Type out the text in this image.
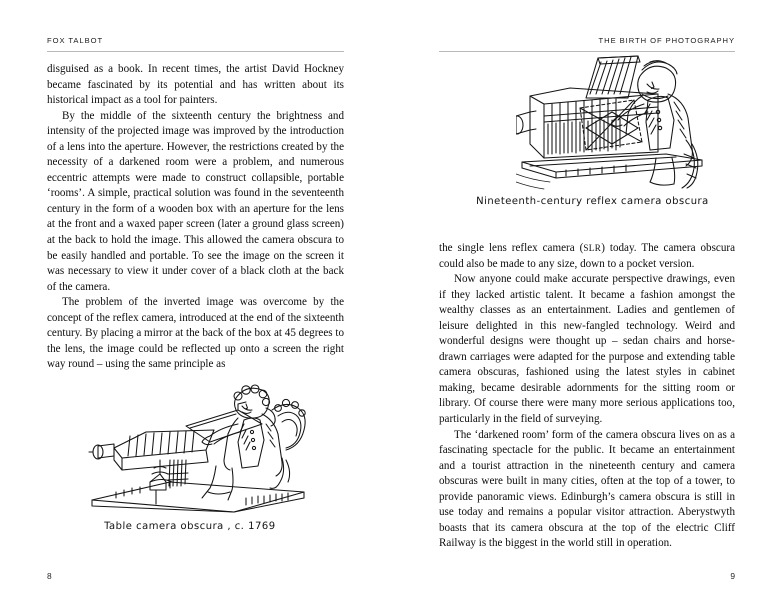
FOX TALBOT

disguised as a book. In recent times, the artist David Hockney became fascinated by its potential and has written about its historical impact as a tool for painters.

By the middle of the sixteenth century the brightness and intensity of the projected image was improved by the introduction of a lens into the aperture. However, the restrictions created by the necessity of a darkened room were a problem, and numerous eccentric attempts were made to construct collapsible, portable ‘rooms’. A simple, practical solution was found in the seventeenth century in the form of a wooden box with an aperture for the lens at the front and a waxed paper screen (later a ground glass screen) at the back to hold the image. This allowed the camera obscura to be easily handled and portable. To see the image on the screen it was necessary to view it under cover of a black cloth at the back of the camera.

The problem of the inverted image was overcome by the concept of the reflex camera, introduced at the end of the sixteenth century. By placing a mirror at the back of the box at 45 degrees to the lens, the image could be reflected up onto a screen the right way round – using the same principle as

Table camera obscura , c. 1769
8
THE BIRTH OF PHOTOGRAPHY
Nineteenth-century reflex camera obscura

the single lens reflex camera (SLR) today. The camera obscura could also be made to any size, down to a pocket version.

Now anyone could make accurate perspective drawings, even if they lacked artistic talent. It became a fashion amongst the wealthy classes as an entertainment. Ladies and gentlemen of leisure delighted in this new-fangled technology. Weird and wonderful designs were thought up – sedan chairs and horse-drawn carriages were adapted for the purpose and extending table camera obscuras, fashioned using the latest styles in cabinet making, became desirable adornments for the sitting room or library. Of course there were many more serious applications too, particularly in the field of surveying.

The ‘darkened room’ form of the camera obscura lives on as a fascinating spectacle for the public. It became an entertainment and a tourist attraction in the nineteenth century and camera obscuras were built in many cities, often at the top of a tower, to provide panoramic views. Edinburgh’s camera obscura is still in use today and remains a popular visitor attraction. Aberystwyth boasts that its camera obscura at the top of the electric Cliff Railway is the biggest in the world still in operation.

9
